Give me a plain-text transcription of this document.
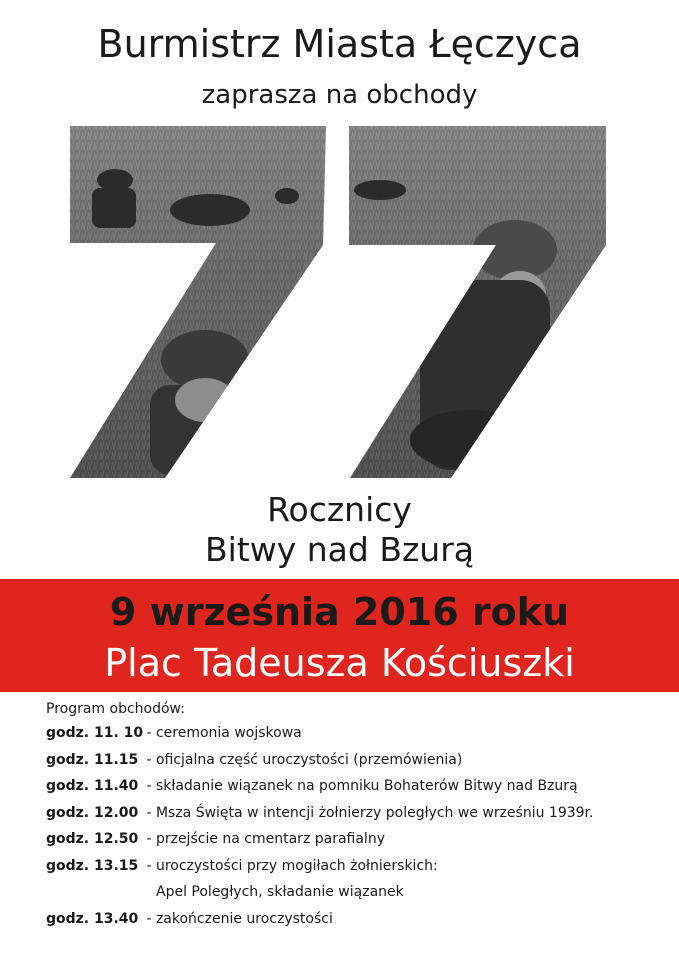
Burmistrz Miasta Łęczyca
zaprasza na obchody
Rocznicy
Bitwy nad Bzurą
9 września 2016 roku
Plac Tadeusza Kościuszki
Program obchodów:
godz. 11. 10 - ceremonia wojskowa
godz. 11.15 - oficjalna część uroczystości (przemówienia)
godz. 11.40 - składanie wiązanek na pomniku Bohaterów Bitwy nad Bzurą
godz. 12.00 - Msza Święta w intencji żołnierzy poległych we wrześniu 1939r.
godz. 12.50 - przejście na cmentarz parafialny
godz. 13.15 - uroczystości przy mogiłach żołnierskich:
Apel Poległych, składanie wiązanek
godz. 13.40 - zakończenie uroczystości
